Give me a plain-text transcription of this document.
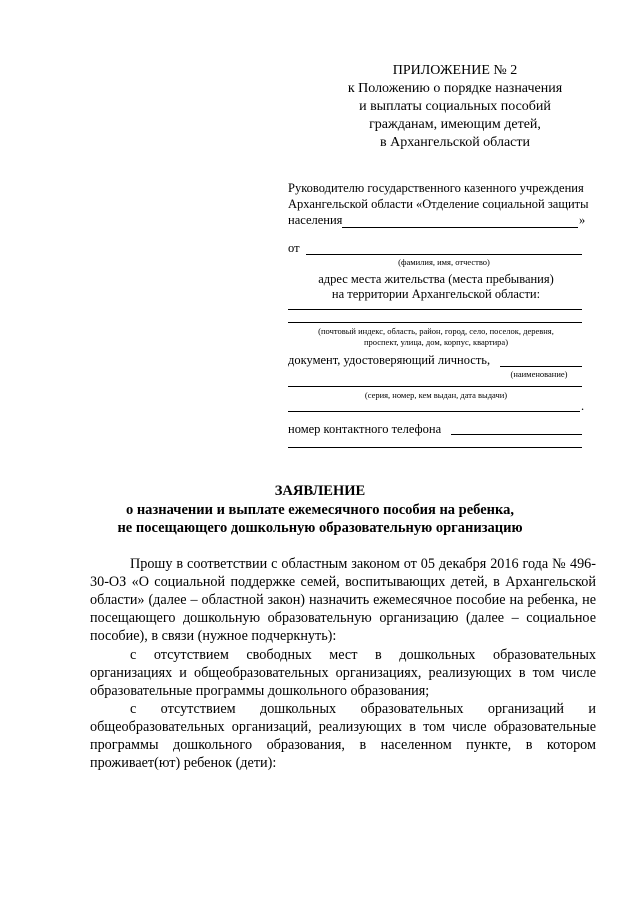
ПРИЛОЖЕНИЕ № 2
к Положению о порядке назначения
и выплаты социальных пособий
гражданам, имеющим детей,
в Архангельской области
Руководителю государственного казенного учреждения
Архангельской области «Отделение социальной защиты
населения	»
от
(фамилия, имя, отчество)
адрес места жительства (места пребывания)
на территории Архангельской области:
(почтовый индекс, область, район, город, село, поселок, деревня,
проспект, улица, дом, корпус, квартира)
документ, удостоверяющий личность,
(наименование)
(серия, номер, кем выдан, дата выдачи)
.
номер контактного телефона
ЗАЯВЛЕНИЕ
о назначении и выплате ежемесячного пособия на ребенка,
не посещающего дошкольную образовательную организацию
Прошу в соответствии с областным законом от 05 декабря 2016 года № 496-30-ОЗ «О социальной поддержке семей, воспитывающих детей, в Архангельской области» (далее – областной закон) назначить ежемесячное пособие на ребенка, не посещающего дошкольную образовательную организацию (далее – социальное пособие), в связи (нужное подчеркнуть):
с отсутствием свободных мест в дошкольных образовательных организациях и общеобразовательных организациях, реализующих в том числе образовательные программы дошкольного образования;
с отсутствием дошкольных образовательных организаций и общеобразовательных организаций, реализующих в том числе образовательные программы дошкольного образования, в населенном пункте, в котором проживает(ют) ребенок (дети):
